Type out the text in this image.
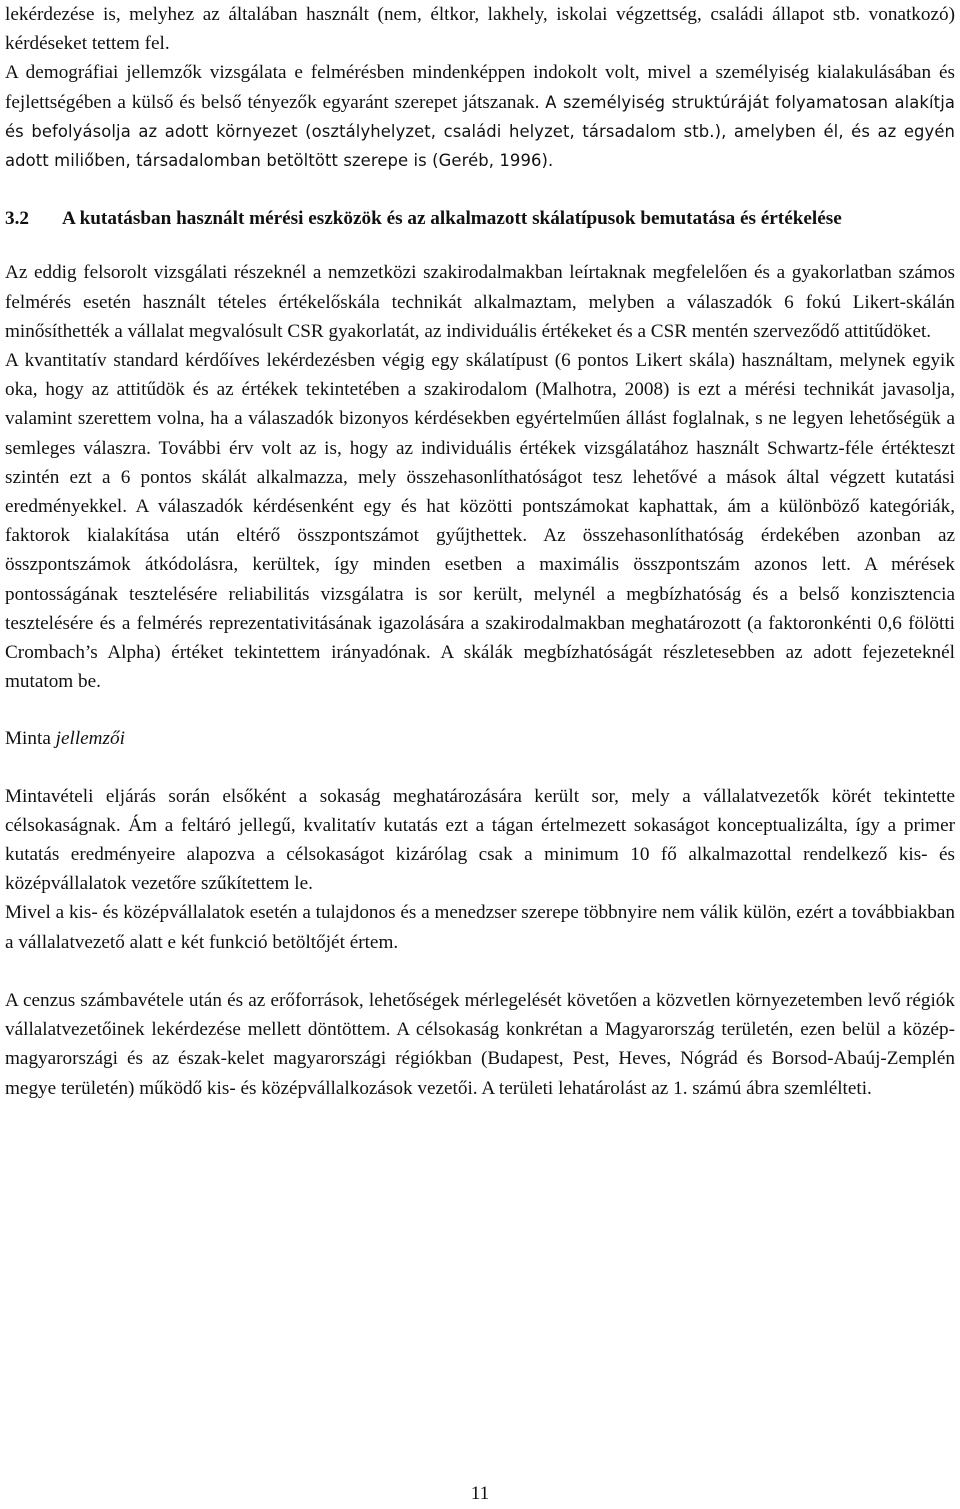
lekérdezése is, melyhez az általában használt (nem, éltkor, lakhely, iskolai végzettség, családi állapot stb. vonatkozó) kérdéseket tettem fel.
A demográfiai jellemzők vizsgálata e felmérésben mindenképpen indokolt volt, mivel a személyiség kialakulásában és fejlettségében a külső és belső tényezők egyaránt szerepet játszanak. A személyiség struktúráját folyamatosan alakítja és befolyásolja az adott környezet (osztályhelyzet, családi helyzet, társadalom stb.), amelyben él, és az egyén adott miliőben, társadalomban betöltött szerepe is (Geréb, 1996).

3.2	A kutatásban használt mérési eszközök és az alkalmazott skálatípusok bemutatása és értékelése

Az eddig felsorolt vizsgálati részeknél a nemzetközi szakirodalmakban leírtaknak megfelelően és a gyakorlatban számos felmérés esetén használt tételes értékelőskála technikát alkalmaztam, melyben a válaszadók 6 fokú Likert-skálán minősíthették a vállalat megvalósult CSR gyakorlatát, az individuális értékeket és a CSR mentén szerveződő attitűdöket.

A kvantitatív standard kérdőíves lekérdezésben végig egy skálatípust (6 pontos Likert skála) használtam, melynek egyik oka, hogy az attitűdök és az értékek tekintetében a szakirodalom (Malhotra, 2008) is ezt a mérési technikát javasolja, valamint szerettem volna, ha a válaszadók bizonyos kérdésekben egyértelműen állást foglalnak, s ne legyen lehetőségük a semleges válaszra. További érv volt az is, hogy az individuális értékek vizsgálatához használt Schwartz-féle értékteszt szintén ezt a 6 pontos skálát alkalmazza, mely összehasonlíthatóságot tesz lehetővé a mások által végzett kutatási eredményekkel. A válaszadók kérdésenként egy és hat közötti pontszámokat kaphattak, ám a különböző kategóriák, faktorok kialakítása után eltérő összpontszámot gyűjthettek. Az összehasonlíthatóság érdekében azonban az összpontszámok átkódolásra, kerültek, így minden esetben a maximális összpontszám azonos lett. A mérések pontosságának tesztelésére reliabilitás vizsgálatra is sor került, melynél a megbízhatóság és a belső konzisztencia tesztelésére és a felmérés reprezentativitásának igazolására a szakirodalmakban meghatározott (a faktoronkénti 0,6 fölötti Crombach’s Alpha) értéket tekintettem irányadónak. A skálák megbízhatóságát részletesebben az adott fejezeteknél mutatom be.

Minta jellemzői

Mintavételi eljárás során elsőként a sokaság meghatározására került sor, mely a vállalatvezetők körét tekintette célsokaságnak. Ám a feltáró jellegű, kvalitatív kutatás ezt a tágan értelmezett sokaságot konceptualizálta, így a primer kutatás eredményeire alapozva a célsokaságot kizárólag csak a minimum 10 fő alkalmazottal rendelkező kis- és középvállalatok vezetőre szűkítettem le.

Mivel a kis- és középvállalatok esetén a tulajdonos és a menedzser szerepe többnyire nem válik külön, ezért a továbbiakban a vállalatvezető alatt e két funkció betöltőjét értem.

A cenzus számbavétele után és az erőforrások, lehetőségek mérlegelését követően a közvetlen környezetemben levő régiók vállalatvezetőinek lekérdezése mellett döntöttem. A célsokaság konkrétan a Magyarország területén, ezen belül a közép-magyarországi és az észak-kelet magyarországi régiókban (Budapest, Pest, Heves, Nógrád és Borsod-Abaúj-Zemplén megye területén) működő kis- és középvállalkozások vezetői. A területi lehatárolást az 1. számú ábra szemlélteti.

11
